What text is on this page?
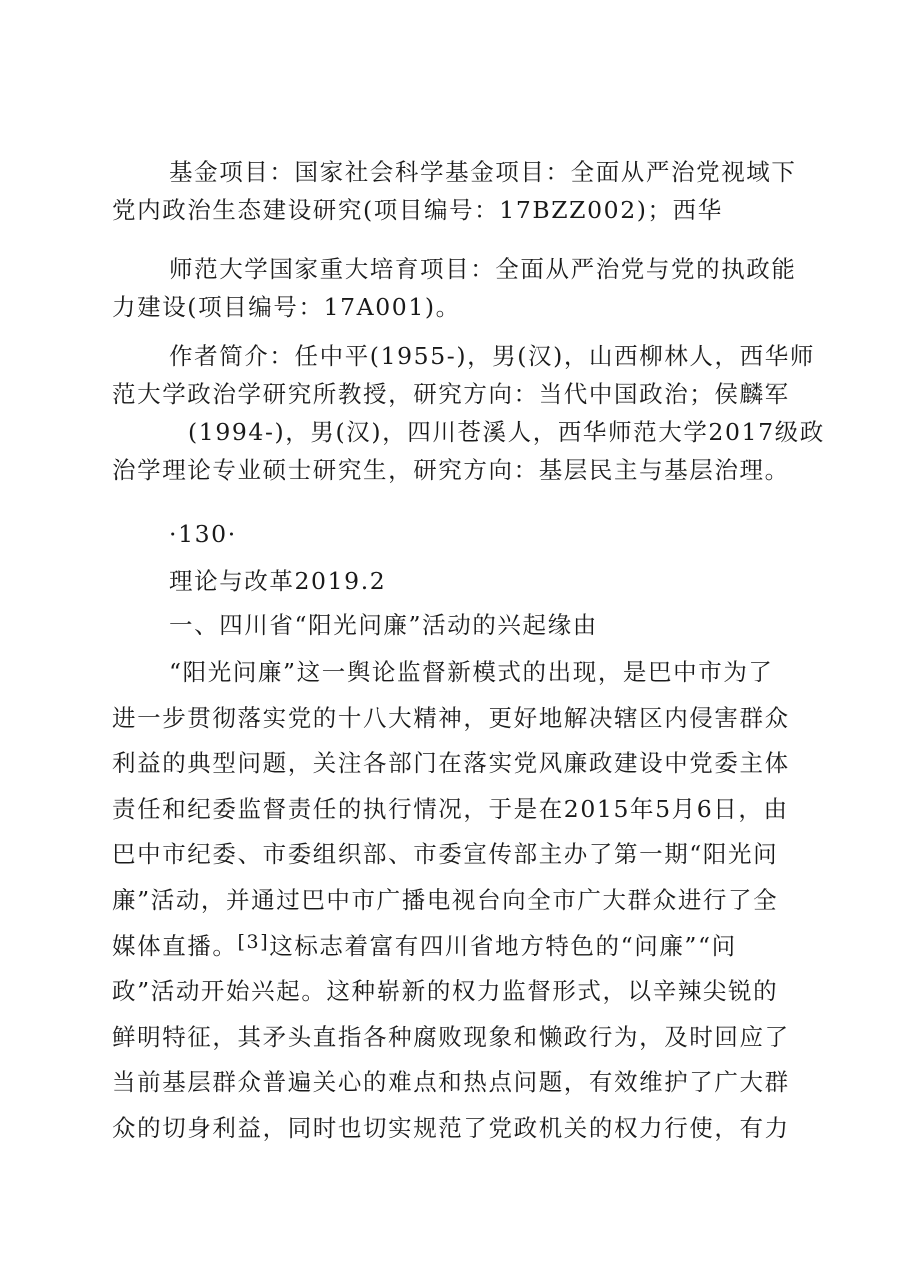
基金项目：国家社会科学基金项目：全面从严治党视域下
党内政治生态建设研究(项目编号：17BZZ002)；西华
师范大学国家重大培育项目：全面从严治党与党的执政能
力建设(项目编号：17A001)。
作者简介：任中平(1955-)，男(汉)，山西柳林人，西华师
范大学政治学研究所教授，研究方向：当代中国政治；侯麟军
(1994-)，男(汉)，四川苍溪人，西华师范大学2017级政
治学理论专业硕士研究生，研究方向：基层民主与基层治理。
·130·
理论与改革2019.2
一、四川省“阳光问廉”活动的兴起缘由
“阳光问廉”这一舆论监督新模式的出现，是巴中市为了
进一步贯彻落实党的十八大精神，更好地解决辖区内侵害群众
利益的典型问题，关注各部门在落实党风廉政建设中党委主体
责任和纪委监督责任的执行情况，于是在2015年5月6日，由
巴中市纪委、市委组织部、市委宣传部主办了第一期“阳光问
廉”活动，并通过巴中市广播电视台向全市广大群众进行了全
媒体直播。[3]这标志着富有四川省地方特色的“问廉”“问
政”活动开始兴起。这种崭新的权力监督形式，以辛辣尖锐的
鲜明特征，其矛头直指各种腐败现象和懒政行为，及时回应了
当前基层群众普遍关心的难点和热点问题，有效维护了广大群
众的切身利益，同时也切实规范了党政机关的权力行使，有力
